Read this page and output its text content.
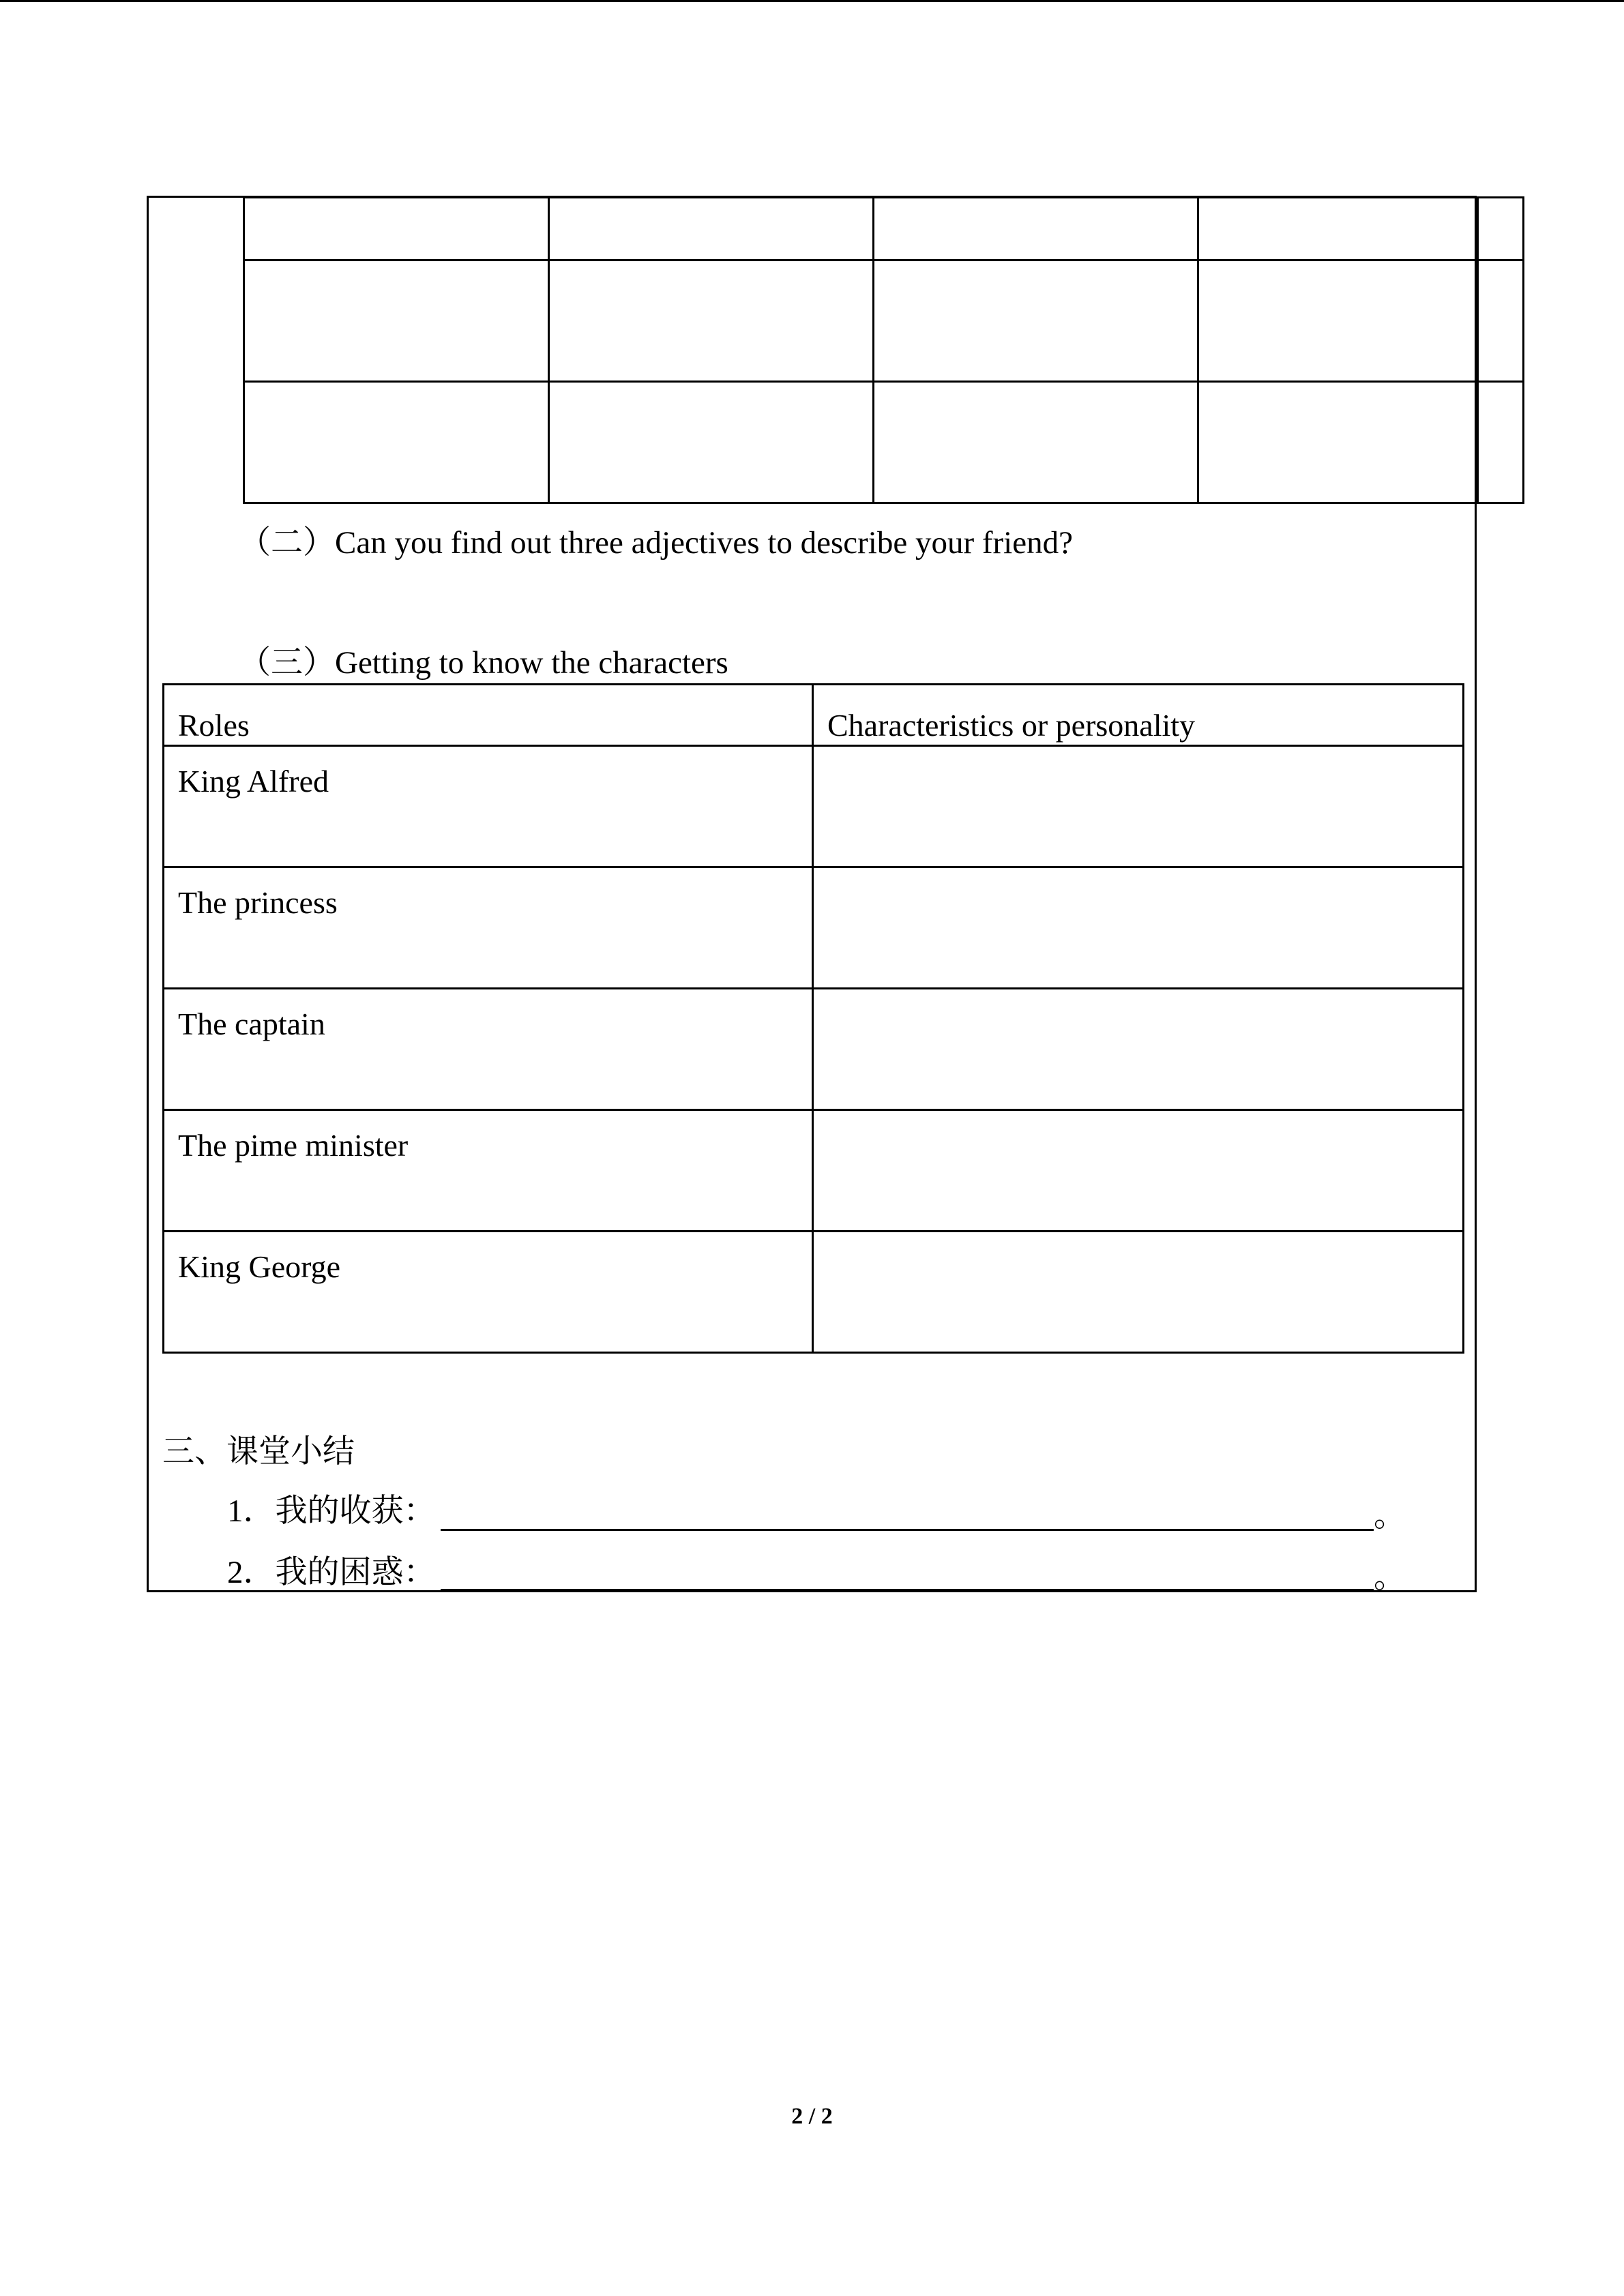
（二）Can you find out three adjectives to describe your friend?
（三）Getting to know the characters
Roles	Characteristics or personality
King Alfred	
The princess	
The captain	
The pime minister	
King George	
三、课堂小结
1．我的收获：	。
2．我的困惑：	。
2 / 2
